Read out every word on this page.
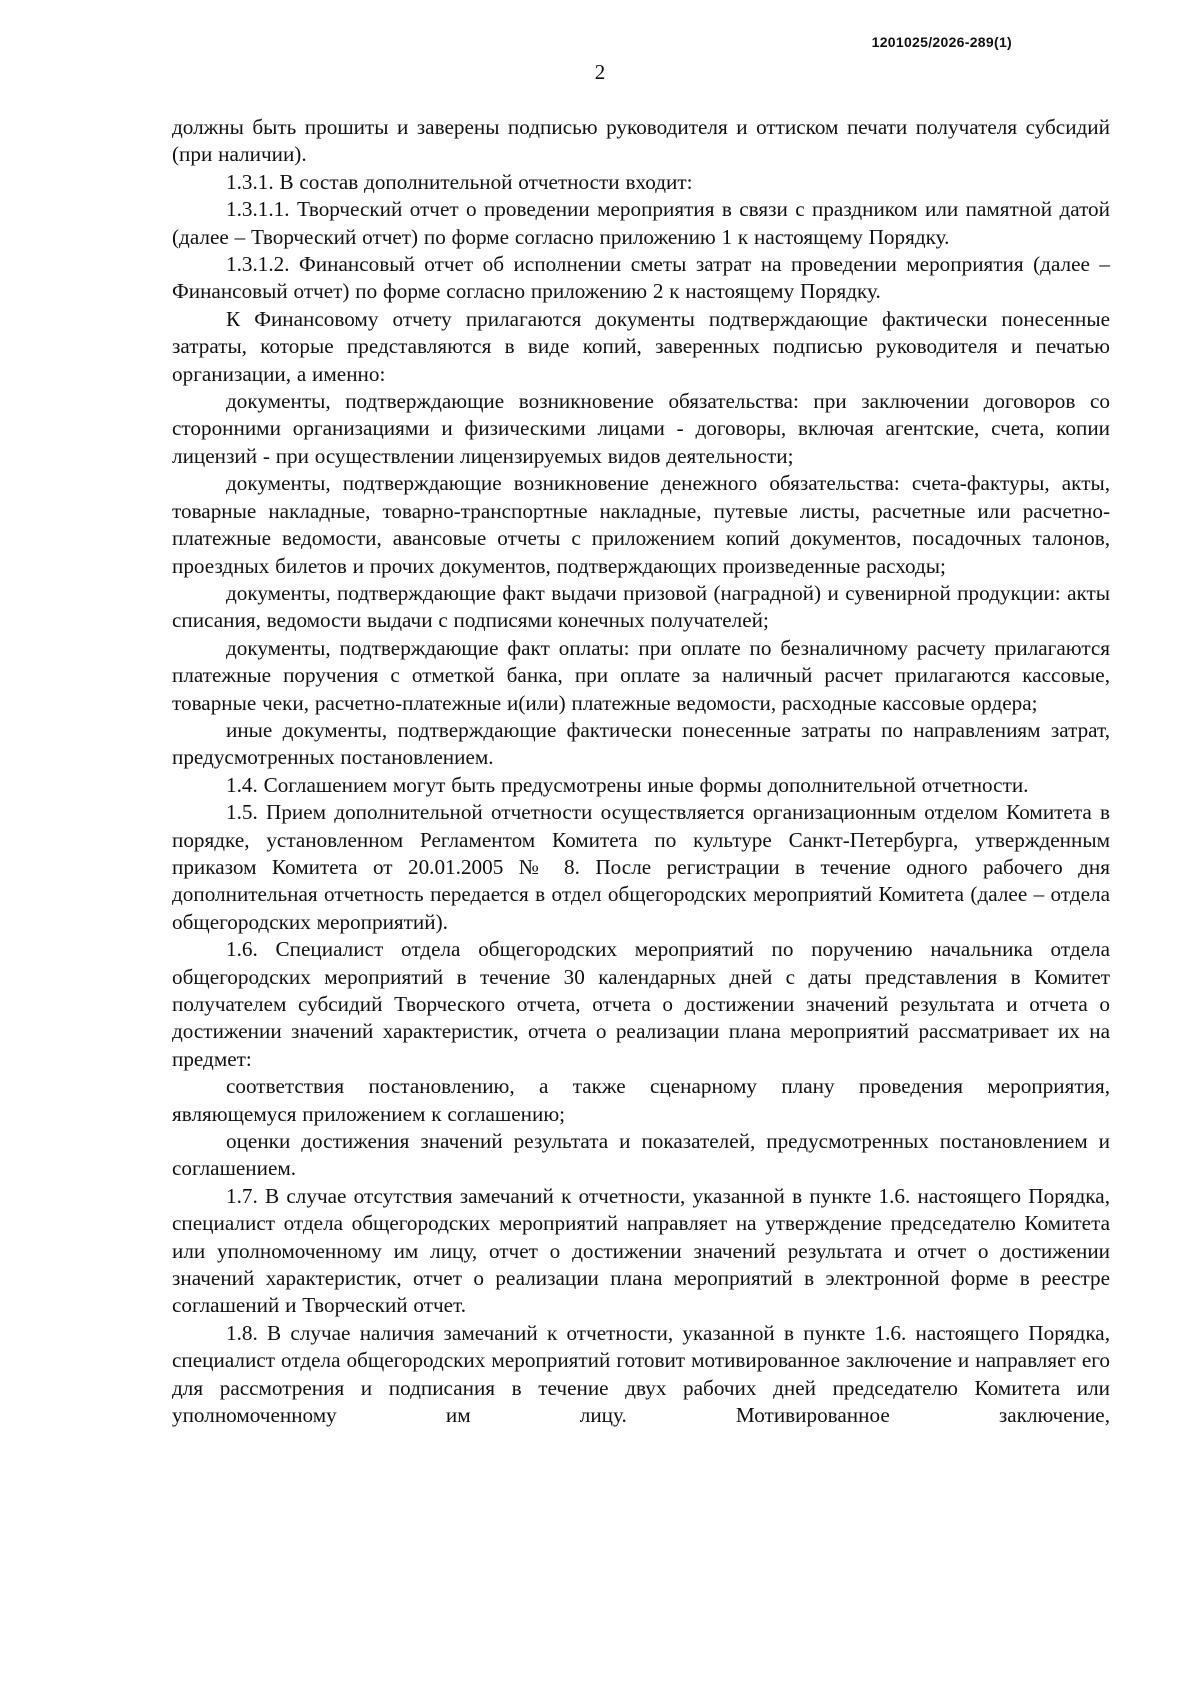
1201025/2026-289(1)
2

должны быть прошиты и заверены подписью руководителя и оттиском печати получателя субсидий (при наличии).

1.3.1. В состав дополнительной отчетности входит:

1.3.1.1. Творческий отчет о проведении мероприятия в связи с праздником или памятной датой (далее – Творческий отчет) по форме согласно приложению 1 к настоящему Порядку.

1.3.1.2. Финансовый отчет об исполнении сметы затрат на проведении мероприятия (далее – Финансовый отчет) по форме согласно приложению 2 к настоящему Порядку.

К Финансовому отчету прилагаются документы подтверждающие фактически понесенные затраты, которые представляются в виде копий, заверенных подписью руководителя и печатью организации, а именно:

документы, подтверждающие возникновение обязательства: при заключении договоров со сторонними организациями и физическими лицами - договоры, включая агентские, счета, копии лицензий - при осуществлении лицензируемых видов деятельности;

документы, подтверждающие возникновение денежного обязательства: счета-фактуры, акты, товарные накладные, товарно-транспортные накладные, путевые листы, расчетные или расчетно-платежные ведомости, авансовые отчеты с приложением копий документов, посадочных талонов, проездных билетов и прочих документов, подтверждающих произведенные расходы;

документы, подтверждающие факт выдачи призовой (наградной) и сувенирной продукции: акты списания, ведомости выдачи с подписями конечных получателей;

документы, подтверждающие факт оплаты: при оплате по безналичному расчету прилагаются платежные поручения с отметкой банка, при оплате за наличный расчет прилагаются кассовые, товарные чеки, расчетно-платежные и(или) платежные ведомости, расходные кассовые ордера;

иные документы, подтверждающие фактически понесенные затраты по направлениям затрат, предусмотренных постановлением.

1.4. Соглашением могут быть предусмотрены иные формы дополнительной отчетности.

1.5. Прием дополнительной отчетности осуществляется организационным отделом Комитета в порядке, установленном Регламентом Комитета по культуре Санкт-Петербурга, утвержденным приказом Комитета от 20.01.2005 № 8. После регистрации в течение одного рабочего дня дополнительная отчетность передается в отдел общегородских мероприятий Комитета (далее – отдела общегородских мероприятий).

1.6. Специалист отдела общегородских мероприятий по поручению начальника отдела общегородских мероприятий в течение 30 календарных дней с даты представления в Комитет получателем субсидий Творческого отчета, отчета о достижении значений результата и отчета о достижении значений характеристик, отчета о реализации плана мероприятий рассматривает их на предмет:

соответствия постановлению, а также сценарному плану проведения мероприятия, являющемуся приложением к соглашению;

оценки достижения значений результата и показателей, предусмотренных постановлением и соглашением.

1.7. В случае отсутствия замечаний к отчетности, указанной в пункте 1.6. настоящего Порядка, специалист отдела общегородских мероприятий направляет на утверждение председателю Комитета или уполномоченному им лицу, отчет о достижении значений результата и отчет о достижении значений характеристик, отчет о реализации плана мероприятий в электронной форме в реестре соглашений и Творческий отчет.

1.8. В случае наличия замечаний к отчетности, указанной в пункте 1.6. настоящего Порядка, специалист отдела общегородских мероприятий готовит мотивированное заключение и направляет его для рассмотрения и подписания в течение двух рабочих дней председателю Комитета или уполномоченному им лицу. Мотивированное заключение,
